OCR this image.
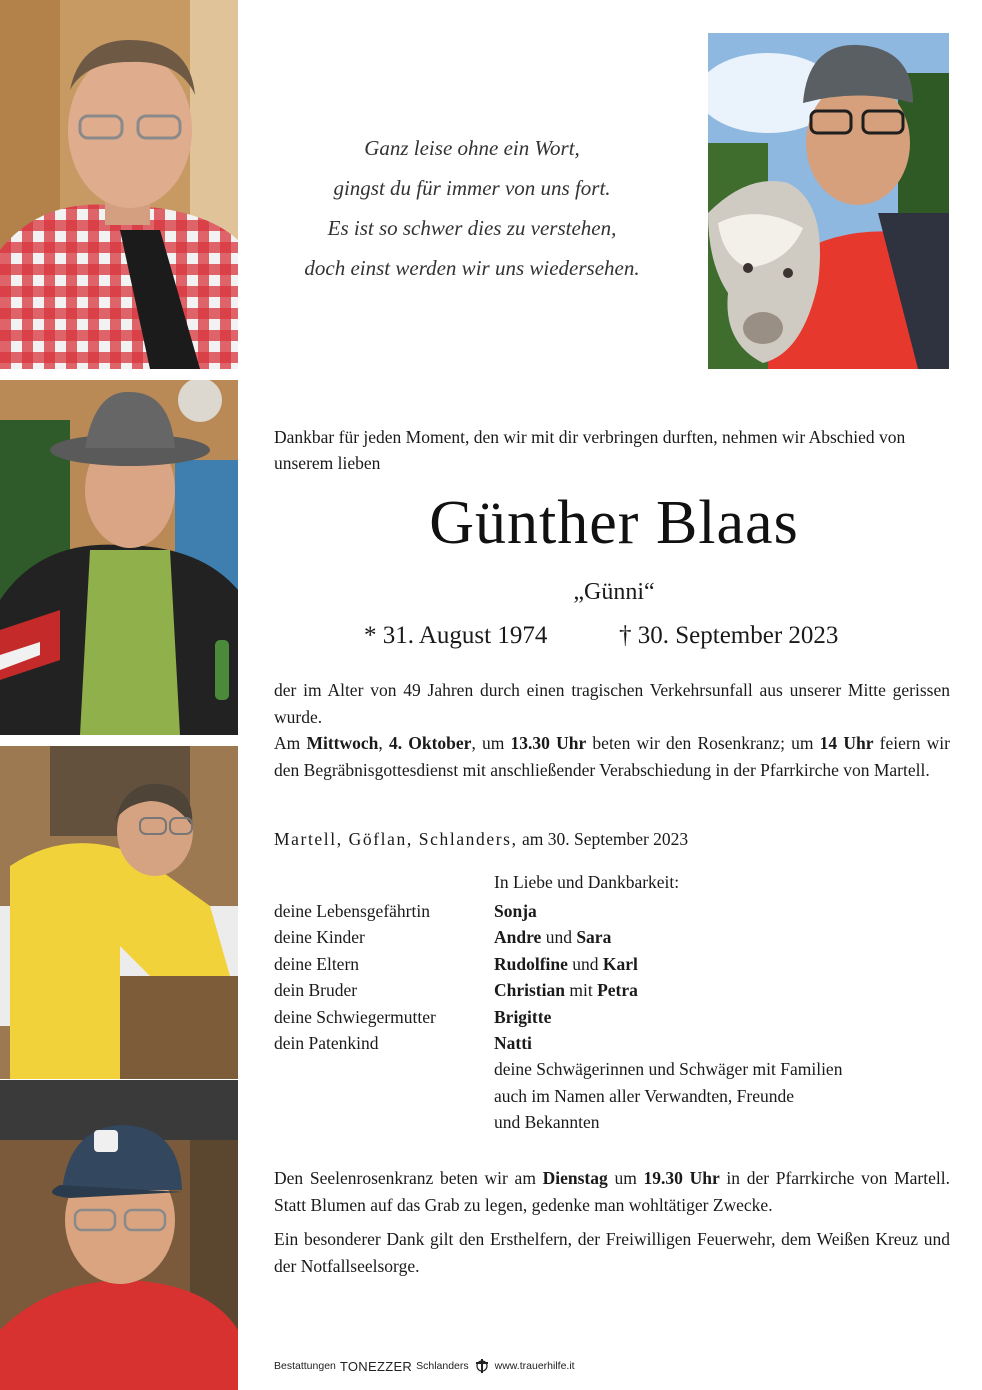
Ganz leise ohne ein Wort,
gingst du für immer von uns fort.
Es ist so schwer dies zu verstehen,
doch einst werden wir uns wiedersehen.
Dankbar für jeden Moment, den wir mit dir verbringen durften, nehmen wir Abschied von unserem lieben
Günther Blaas
„Günni“
* 31. August 1974	† 30. September 2023

der im Alter von 49 Jahren durch einen tragischen Verkehrsunfall aus unserer Mitte gerissen wurde.

Am Mittwoch, 4. Oktober, um 13.30 Uhr beten wir den Rosenkranz; um 14 Uhr feiern wir den Begräbnisgottesdienst mit anschließender Verabschiedung in der Pfarrkirche von Martell.

Martell, Göflan, Schlanders, am 30. September 2023
In Liebe und Dankbarkeit:
deine Lebensgefährtin	Sonja
deine Kinder	Andre und Sara
deine Eltern	Rudolfine und Karl
dein Bruder	Christian mit Petra
deine Schwiegermutter	Brigitte
dein Patenkind	Natti
deine Schwägerinnen und Schwäger mit Familien
auch im Namen aller Verwandten, Freunde
und Bekannten

Den Seelenrosenkranz beten wir am Dienstag um 19.30 Uhr in der Pfarrkirche von Martell. Statt Blumen auf das Grab zu legen, gedenke man wohltätiger Zwecke.

Ein besonderer Dank gilt den Ersthelfern, der Freiwilligen Feuerwehr, dem Weißen Kreuz und der Notfallseelsorge.

Bestattungen TONEZZER Schlanders www.trauerhilfe.it
